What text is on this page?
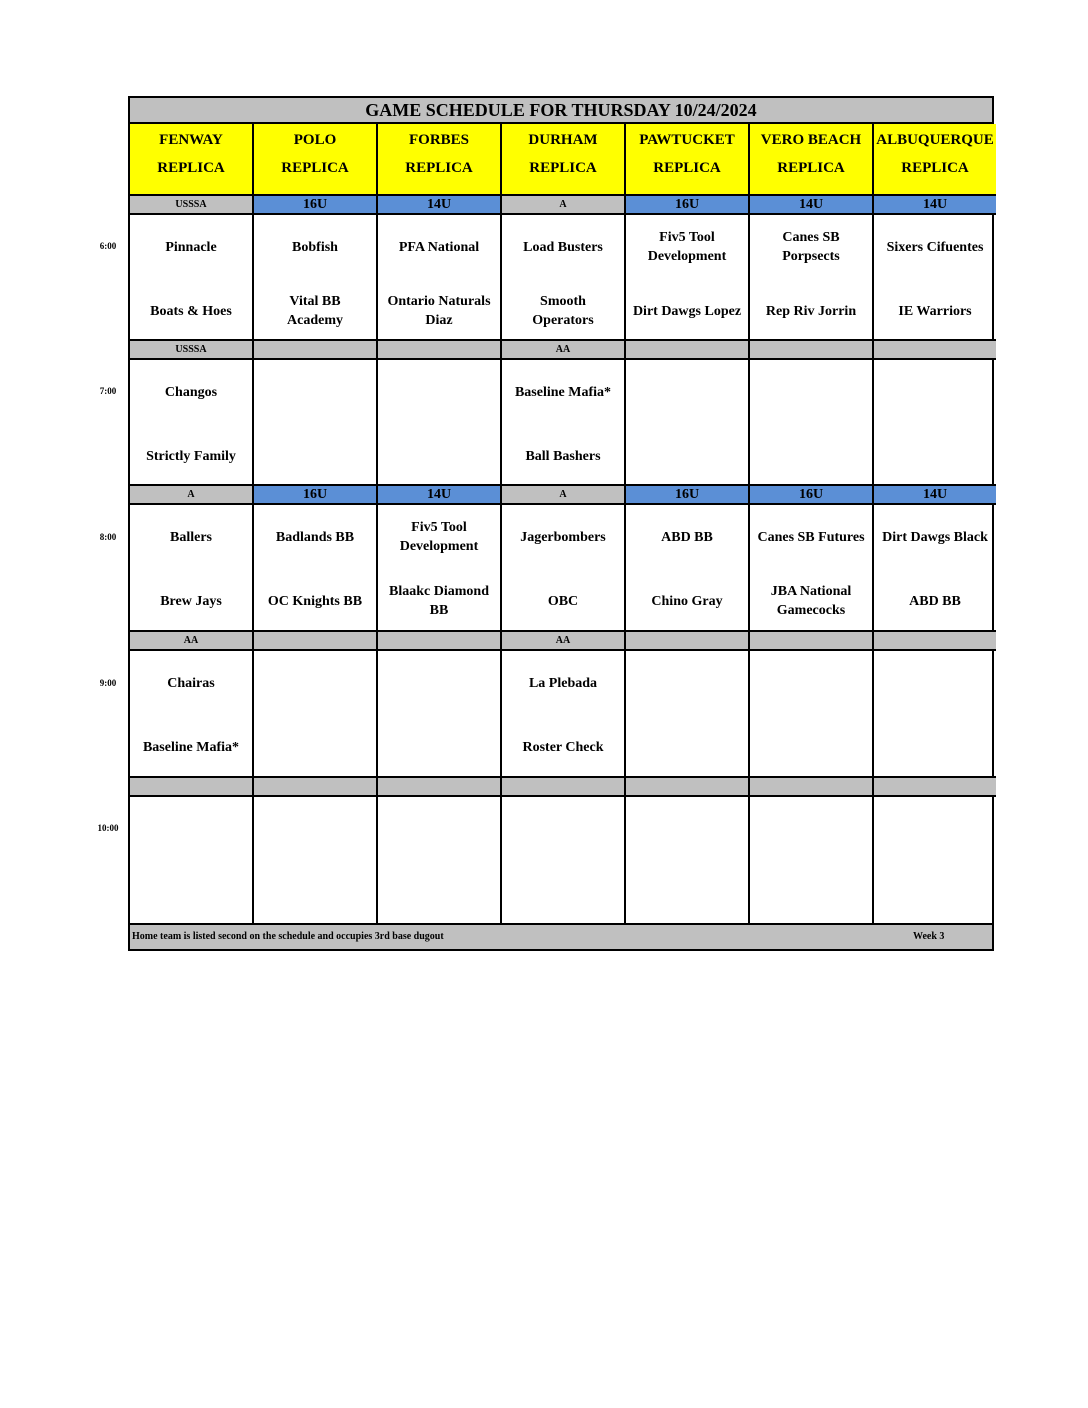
6:00
7:00
8:00
9:00
10:00
GAME SCHEDULE FOR THURSDAY 10/24/2024
FENWAY
REPLICA
USSSA
Pinnacle
Boats & Hoes
USSSA
Changos
Strictly Family
A
Ballers
Brew Jays
AA
Chairas
Baseline Mafia*
POLO
REPLICA
16U
Bobfish
Vital BB
Academy
16U
Badlands BB
OC Knights BB
FORBES
REPLICA
14U
PFA National
Ontario Naturals
Diaz
14U
Fiv5 Tool
Development
Blaakc Diamond
BB
DURHAM
REPLICA
A
Load Busters
Smooth
Operators
AA
Baseline Mafia*
Ball Bashers
A
Jagerbombers
OBC
AA
La Plebada
Roster Check
PAWTUCKET
REPLICA
16U
Fiv5 Tool
Development
Dirt Dawgs Lopez
16U
ABD BB
Chino Gray
VERO BEACH
REPLICA
14U
Canes SB
Porpsects
Rep Riv Jorrin
16U
Canes SB Futures
JBA National
Gamecocks
ALBUQUERQUE
REPLICA
14U
Sixers Cifuentes
IE Warriors
14U
Dirt Dawgs Black
ABD BB
Home team is listed second on the schedule and occupies 3rd base dugout	Week 3
